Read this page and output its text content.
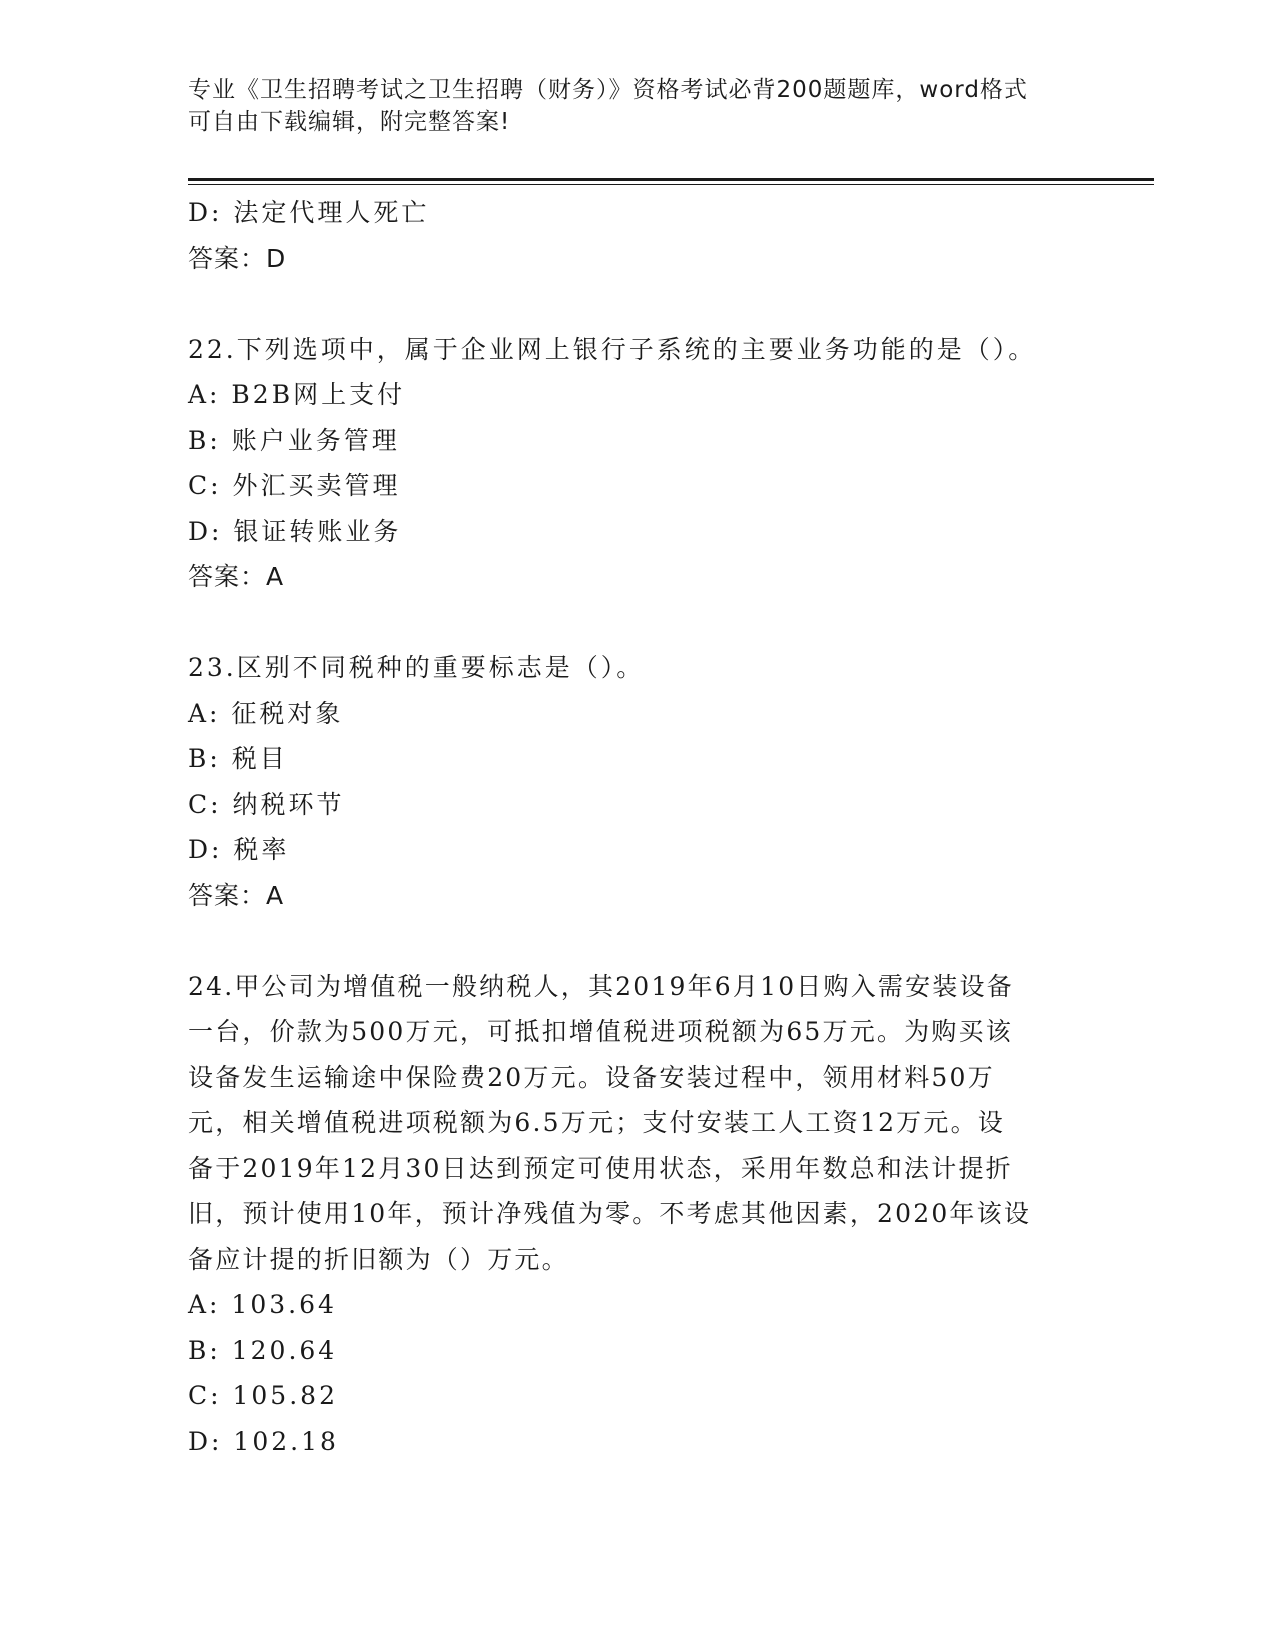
专业《卫生招聘考试之卫生招聘（财务）》资格考试必背200题题库，word格式
可自由下载编辑，附完整答案!
D: 法定代理人死亡
答案：D
22.下列选项中，属于企业网上银行子系统的主要业务功能的是（）。
A: B2B网上支付
B: 账户业务管理
C: 外汇买卖管理
D: 银证转账业务
答案：A
23.区别不同税种的重要标志是（）。
A: 征税对象
B: 税目
C: 纳税环节
D: 税率
答案：A
24.甲公司为增值税一般纳税人，其2019年6月10日购入需安装设备
一台，价款为500万元，可抵扣增值税进项税额为65万元。为购买该
设备发生运输途中保险费20万元。设备安装过程中，领用材料50万
元，相关增值税进项税额为6.5万元；支付安装工人工资12万元。设
备于2019年12月30日达到预定可使用状态，采用年数总和法计提折
旧，预计使用10年，预计净残值为零。不考虑其他因素，2020年该设
备应计提的折旧额为（）万元。
A: 103.64
B: 120.64
C: 105.82
D: 102.18
